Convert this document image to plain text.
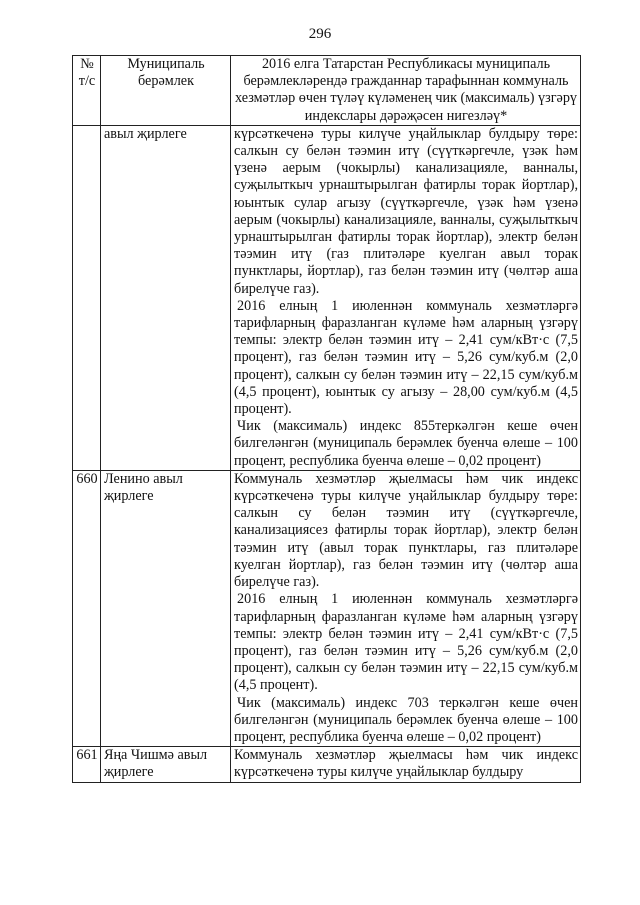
296
№ т/с	Муниципаль берәмлек	2016 елга Татарстан Республикасы муниципаль берәмлекләрендә гражданнар тарафыннан коммуналь хезмәтләр өчен түләү күләменең чик (максималь) үзгәрү индекслары дәрәҗәсен нигезләү*
	авыл җирлеге	күрсәткеченә туры килүче уңайлыклар булдыру төре: салкын су белән тәэмин итү (сүүткәргечле, үзәк һәм үзенә аерым (чокырлы) канализацияле, ванналы, суҗылыткыч урнаштырылган фатирлы торак йортлар), юынтык сулар агызу (сүүткәргечле, үзәк һәм үзенә аерым (чокырлы) канализацияле, ванналы, суҗылыткыч урнаштырылган фатирлы торак йортлар), электр белән тәэмин итү (газ плитәләре куелган авыл торак пунктлары, йортлар), газ белән тәэмин итү (чөлтәр аша бирелүче газ).

2016 елның 1 июленнән коммуналь хезмәтләргә тарифларның фаразланган күләме һәм аларның үзгәрү темпы: электр белән тәэмин итү – 2,41 сум/кВт·с (7,5 процент), газ белән тәэмин итү – 5,26 сум/куб.м (2,0 процент), салкын су белән тәэмин итү – 22,15 сум/куб.м (4,5 процент), юынтык су агызу – 28,00 сум/куб.м (4,5 процент).

Чик (максималь) индекс 855теркәлгән кеше өчен билгеләнгән (муниципаль берәмлек буенча өлеше – 100 процент, республика буенча өлеше – 0,02 процент)

660	Ленино авыл җирлеге	Коммуналь хезмәтләр җыелмасы һәм чик индекс күрсәткеченә туры килүче уңайлыклар булдыру төре: салкын су белән тәэмин итү (сүүткәргечле, канализациясез фатирлы торак йортлар), электр белән тәэмин итү (авыл торак пунктлары, газ плитәләре куелган йортлар), газ белән тәэмин итү (чөлтәр аша бирелүче газ).

2016 елның 1 июленнән коммуналь хезмәтләргә тарифларның фаразланган күләме һәм аларның үзгәрү темпы: электр белән тәэмин итү – 2,41 сум/кВт·с (7,5 процент), газ белән тәэмин итү – 5,26 сум/куб.м (2,0 процент), салкын су белән тәэмин итү – 22,15 сум/куб.м (4,5 процент).

Чик (максималь) индекс 703 теркәлгән кеше өчен билгеләнгән (муниципаль берәмлек буенча өлеше – 100 процент, республика буенча өлеше – 0,02 процент)

661	Яңа Чишмә авыл җирлеге	Коммуналь хезмәтләр җыелмасы һәм чик индекс күрсәткеченә туры килүче уңайлыклар булдыру
